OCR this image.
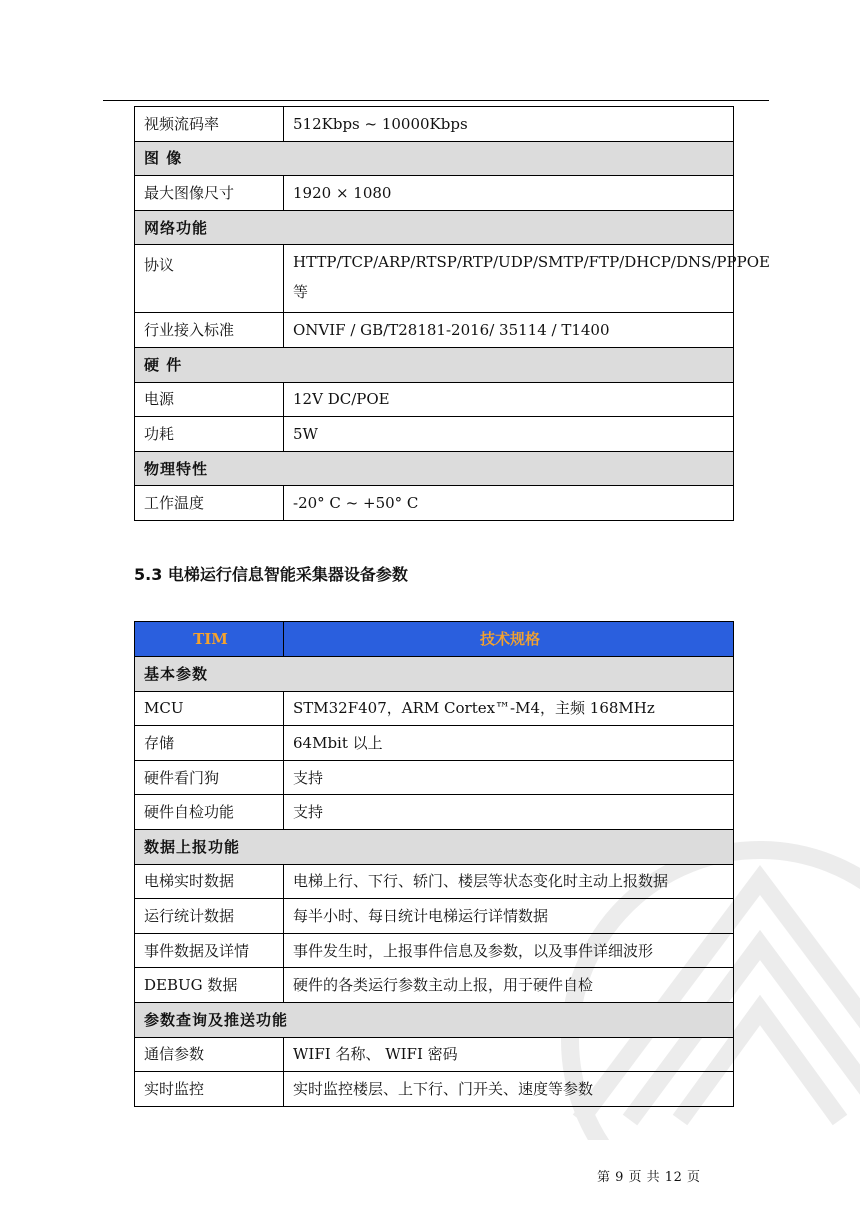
视频流码率	512Kbps ~ 10000Kbps
图 像	
最大图像尺寸	1920 × 1080
网络功能	
协议	HTTP/TCP/ARP/RTSP/RTP/UDP/SMTP/FTP/DHCP/DNS/PPPOE 等
行业接入标准	ONVIF / GB/T28181-2016/ 35114 / T1400
硬 件	
电源	12V DC/POE
功耗	5W
物理特性	
工作温度	-20° C ~ +50° C
5.3 电梯运行信息智能采集器设备参数
TIM	技术规格
基本参数	
MCU	STM32F407，ARM Cortex™-M4，主频 168MHz
存储	64Mbit 以上
硬件看门狗	支持
硬件自检功能	支持
数据上报功能	
电梯实时数据	电梯上行、下行、轿门、楼层等状态变化时主动上报数据
运行统计数据	每半小时、每日统计电梯运行详情数据
事件数据及详情	事件发生时，上报事件信息及参数，以及事件详细波形
DEBUG 数据	硬件的各类运行参数主动上报，用于硬件自检
参数查询及推送功能	
通信参数	WIFI 名称、 WIFI 密码
实时监控	实时监控楼层、上下行、门开关、速度等参数
第 9 页 共 12 页
